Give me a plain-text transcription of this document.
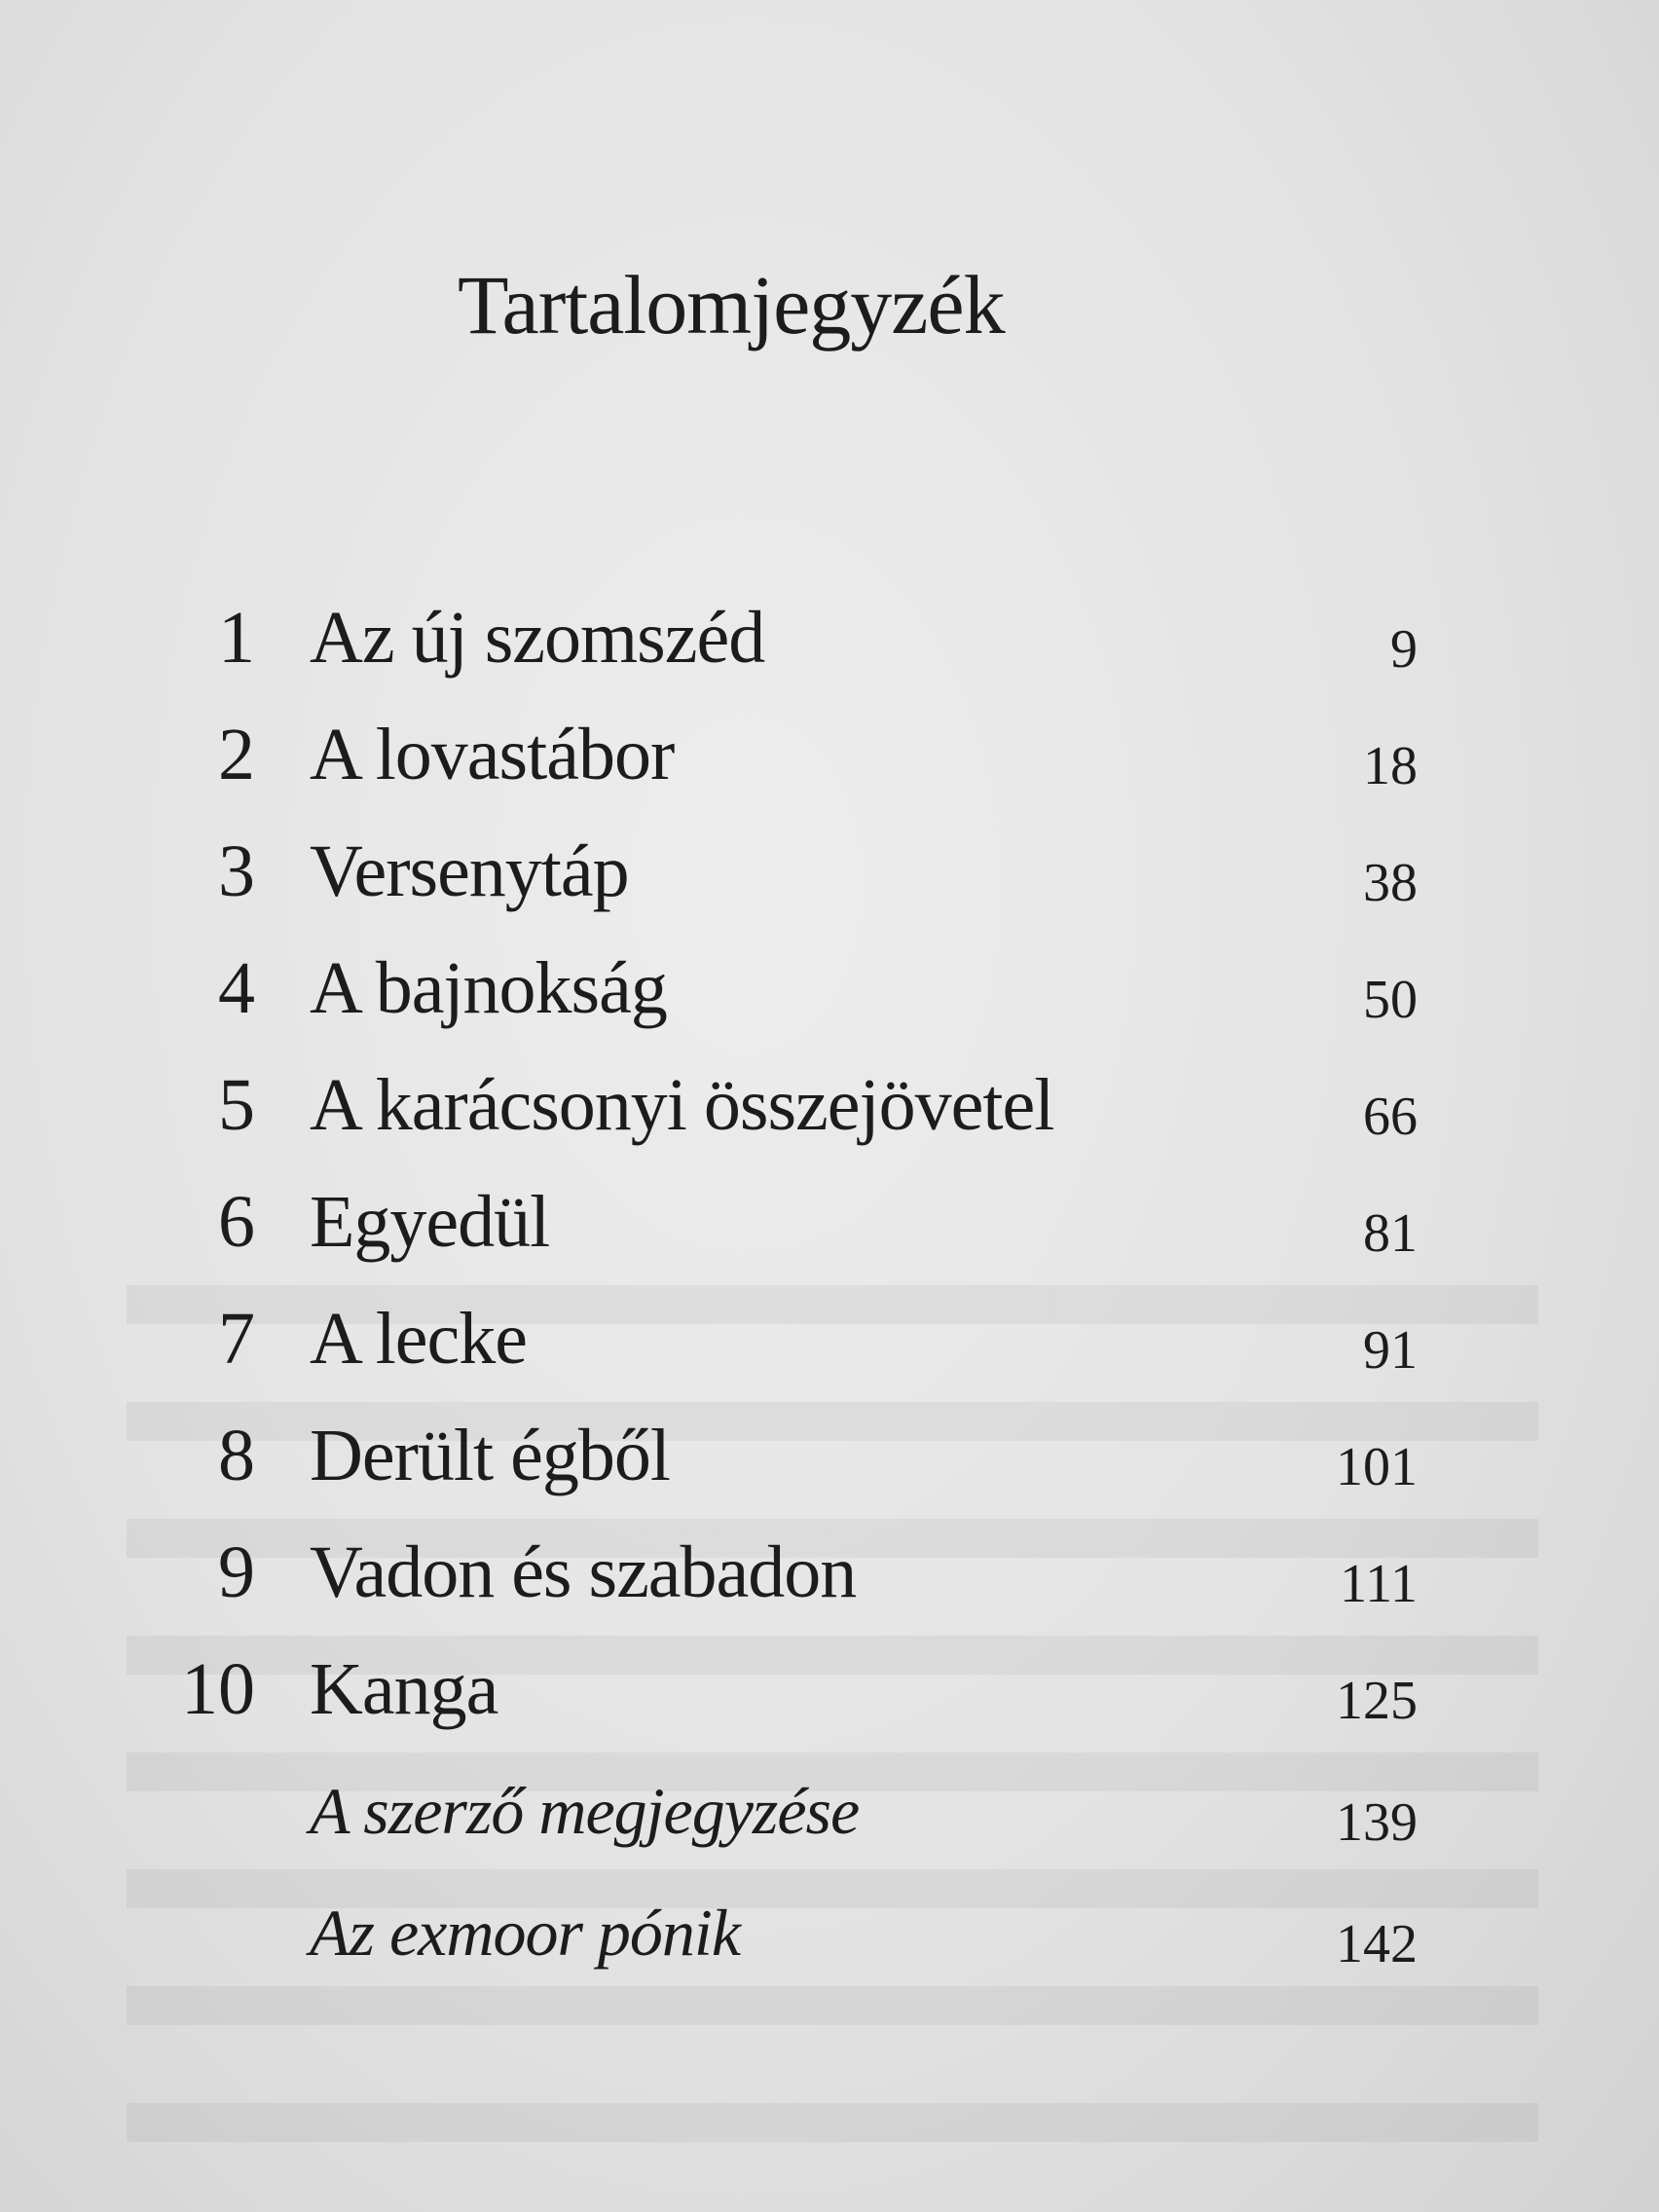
Tartalomjegyzék
1 Az új szomszéd	9
2 A lovastábor	18
3 Versenytáp	38
4 A bajnokság	50
5 A karácsonyi összejövetel	66
6 Egyedül	81
7 A lecke	91
8 Derült égből	101
9 Vadon és szabadon	111
10 Kanga	125
A szerző megjegyzése	139
Az exmoor pónik	142
